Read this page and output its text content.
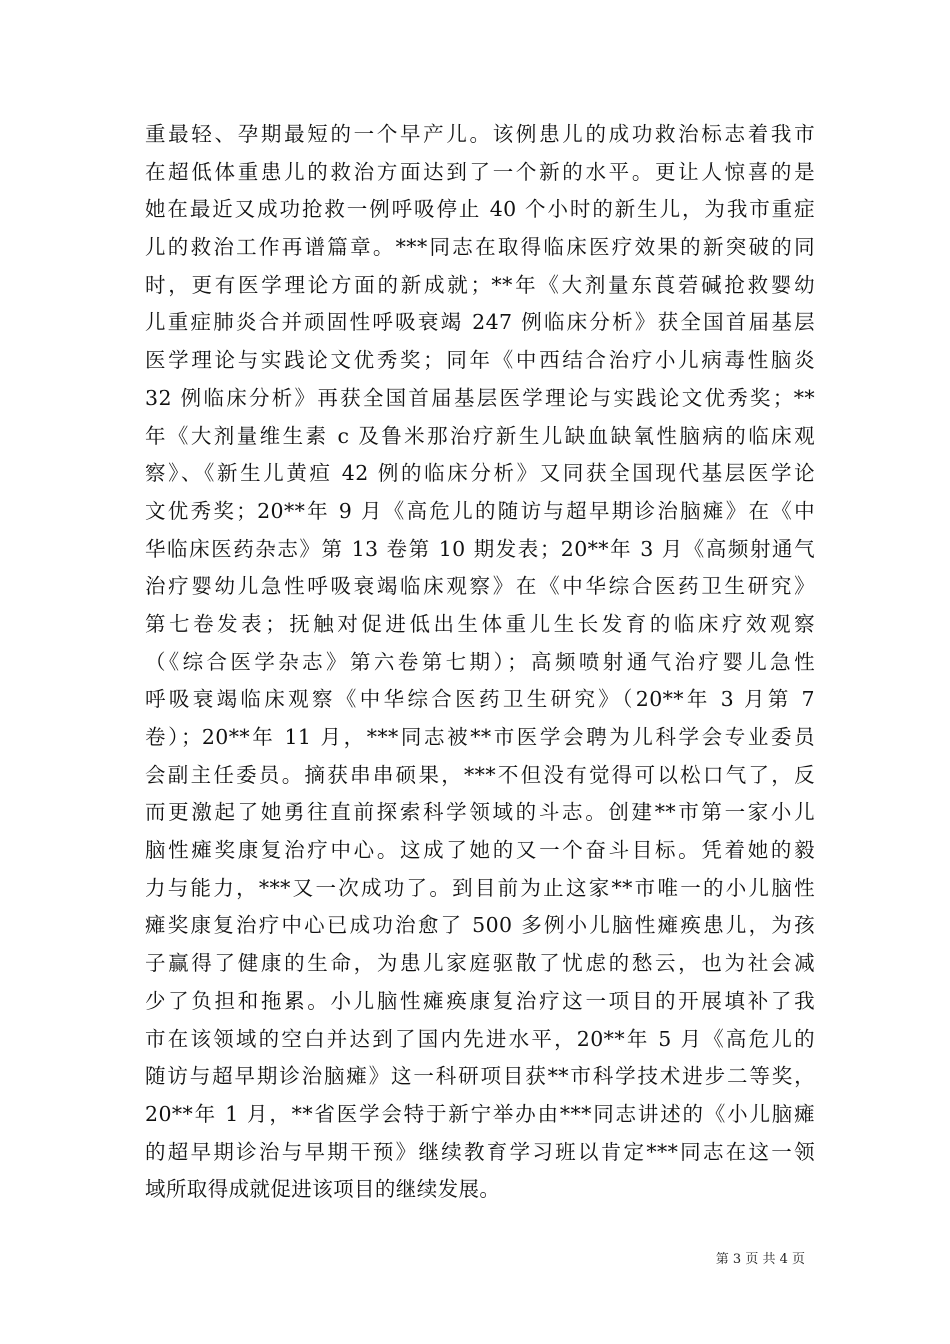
重最轻、孕期最短的一个早产儿。该例患儿的成功救治标志着我市
在超低体重患儿的救治方面达到了一个新的水平。更让人惊喜的是
她在最近又成功抢救一例呼吸停止 40 个小时的新生儿，为我市重症
儿的救治工作再谱篇章。***同志在取得临床医疗效果的新突破的同
时，更有医学理论方面的新成就；**年《大剂量东莨菪碱抢救婴幼
儿重症肺炎合并顽固性呼吸衰竭 247 例临床分析》获全国首届基层
医学理论与实践论文优秀奖；同年《中西结合治疗小儿病毒性脑炎
32 例临床分析》再获全国首届基层医学理论与实践论文优秀奖；**
年《大剂量维生素 c 及鲁米那治疗新生儿缺血缺氧性脑病的临床观
察》、《新生儿黄疸 42 例的临床分析》又同获全国现代基层医学论
文优秀奖；20**年 9 月《高危儿的随访与超早期诊治脑瘫》在《中
华临床医药杂志》第 13 卷第 10 期发表；20**年 3 月《高频射通气
治疗婴幼儿急性呼吸衰竭临床观察》在《中华综合医药卫生研究》
第七卷发表；抚触对促进低出生体重儿生长发育的临床疗效观察
（《综合医学杂志》第六卷第七期）；高频喷射通气治疗婴儿急性
呼吸衰竭临床观察《中华综合医药卫生研究》（20**年 3 月第 7
卷）；20**年 11 月，***同志被**市医学会聘为儿科学会专业委员
会副主任委员。摘获串串硕果，***不但没有觉得可以松口气了，反
而更激起了她勇往直前探索科学领域的斗志。创建**市第一家小儿
脑性瘫奖康复治疗中心。这成了她的又一个奋斗目标。凭着她的毅
力与能力，***又一次成功了。到目前为止这家**市唯一的小儿脑性
瘫奖康复治疗中心已成功治愈了 500 多例小儿脑性瘫痪患儿，为孩
子赢得了健康的生命，为患儿家庭驱散了忧虑的愁云，也为社会减
少了负担和拖累。小儿脑性瘫痪康复治疗这一项目的开展填补了我
市在该领域的空白并达到了国内先进水平，20**年 5 月《高危儿的
随访与超早期诊治脑瘫》这一科研项目获**市科学技术进步二等奖，
20**年 1 月，**省医学会特于新宁举办由***同志讲述的《小儿脑瘫
的超早期诊治与早期干预》继续教育学习班以肯定***同志在这一领
域所取得成就促进该项目的继续发展。
第 3 页 共 4 页
